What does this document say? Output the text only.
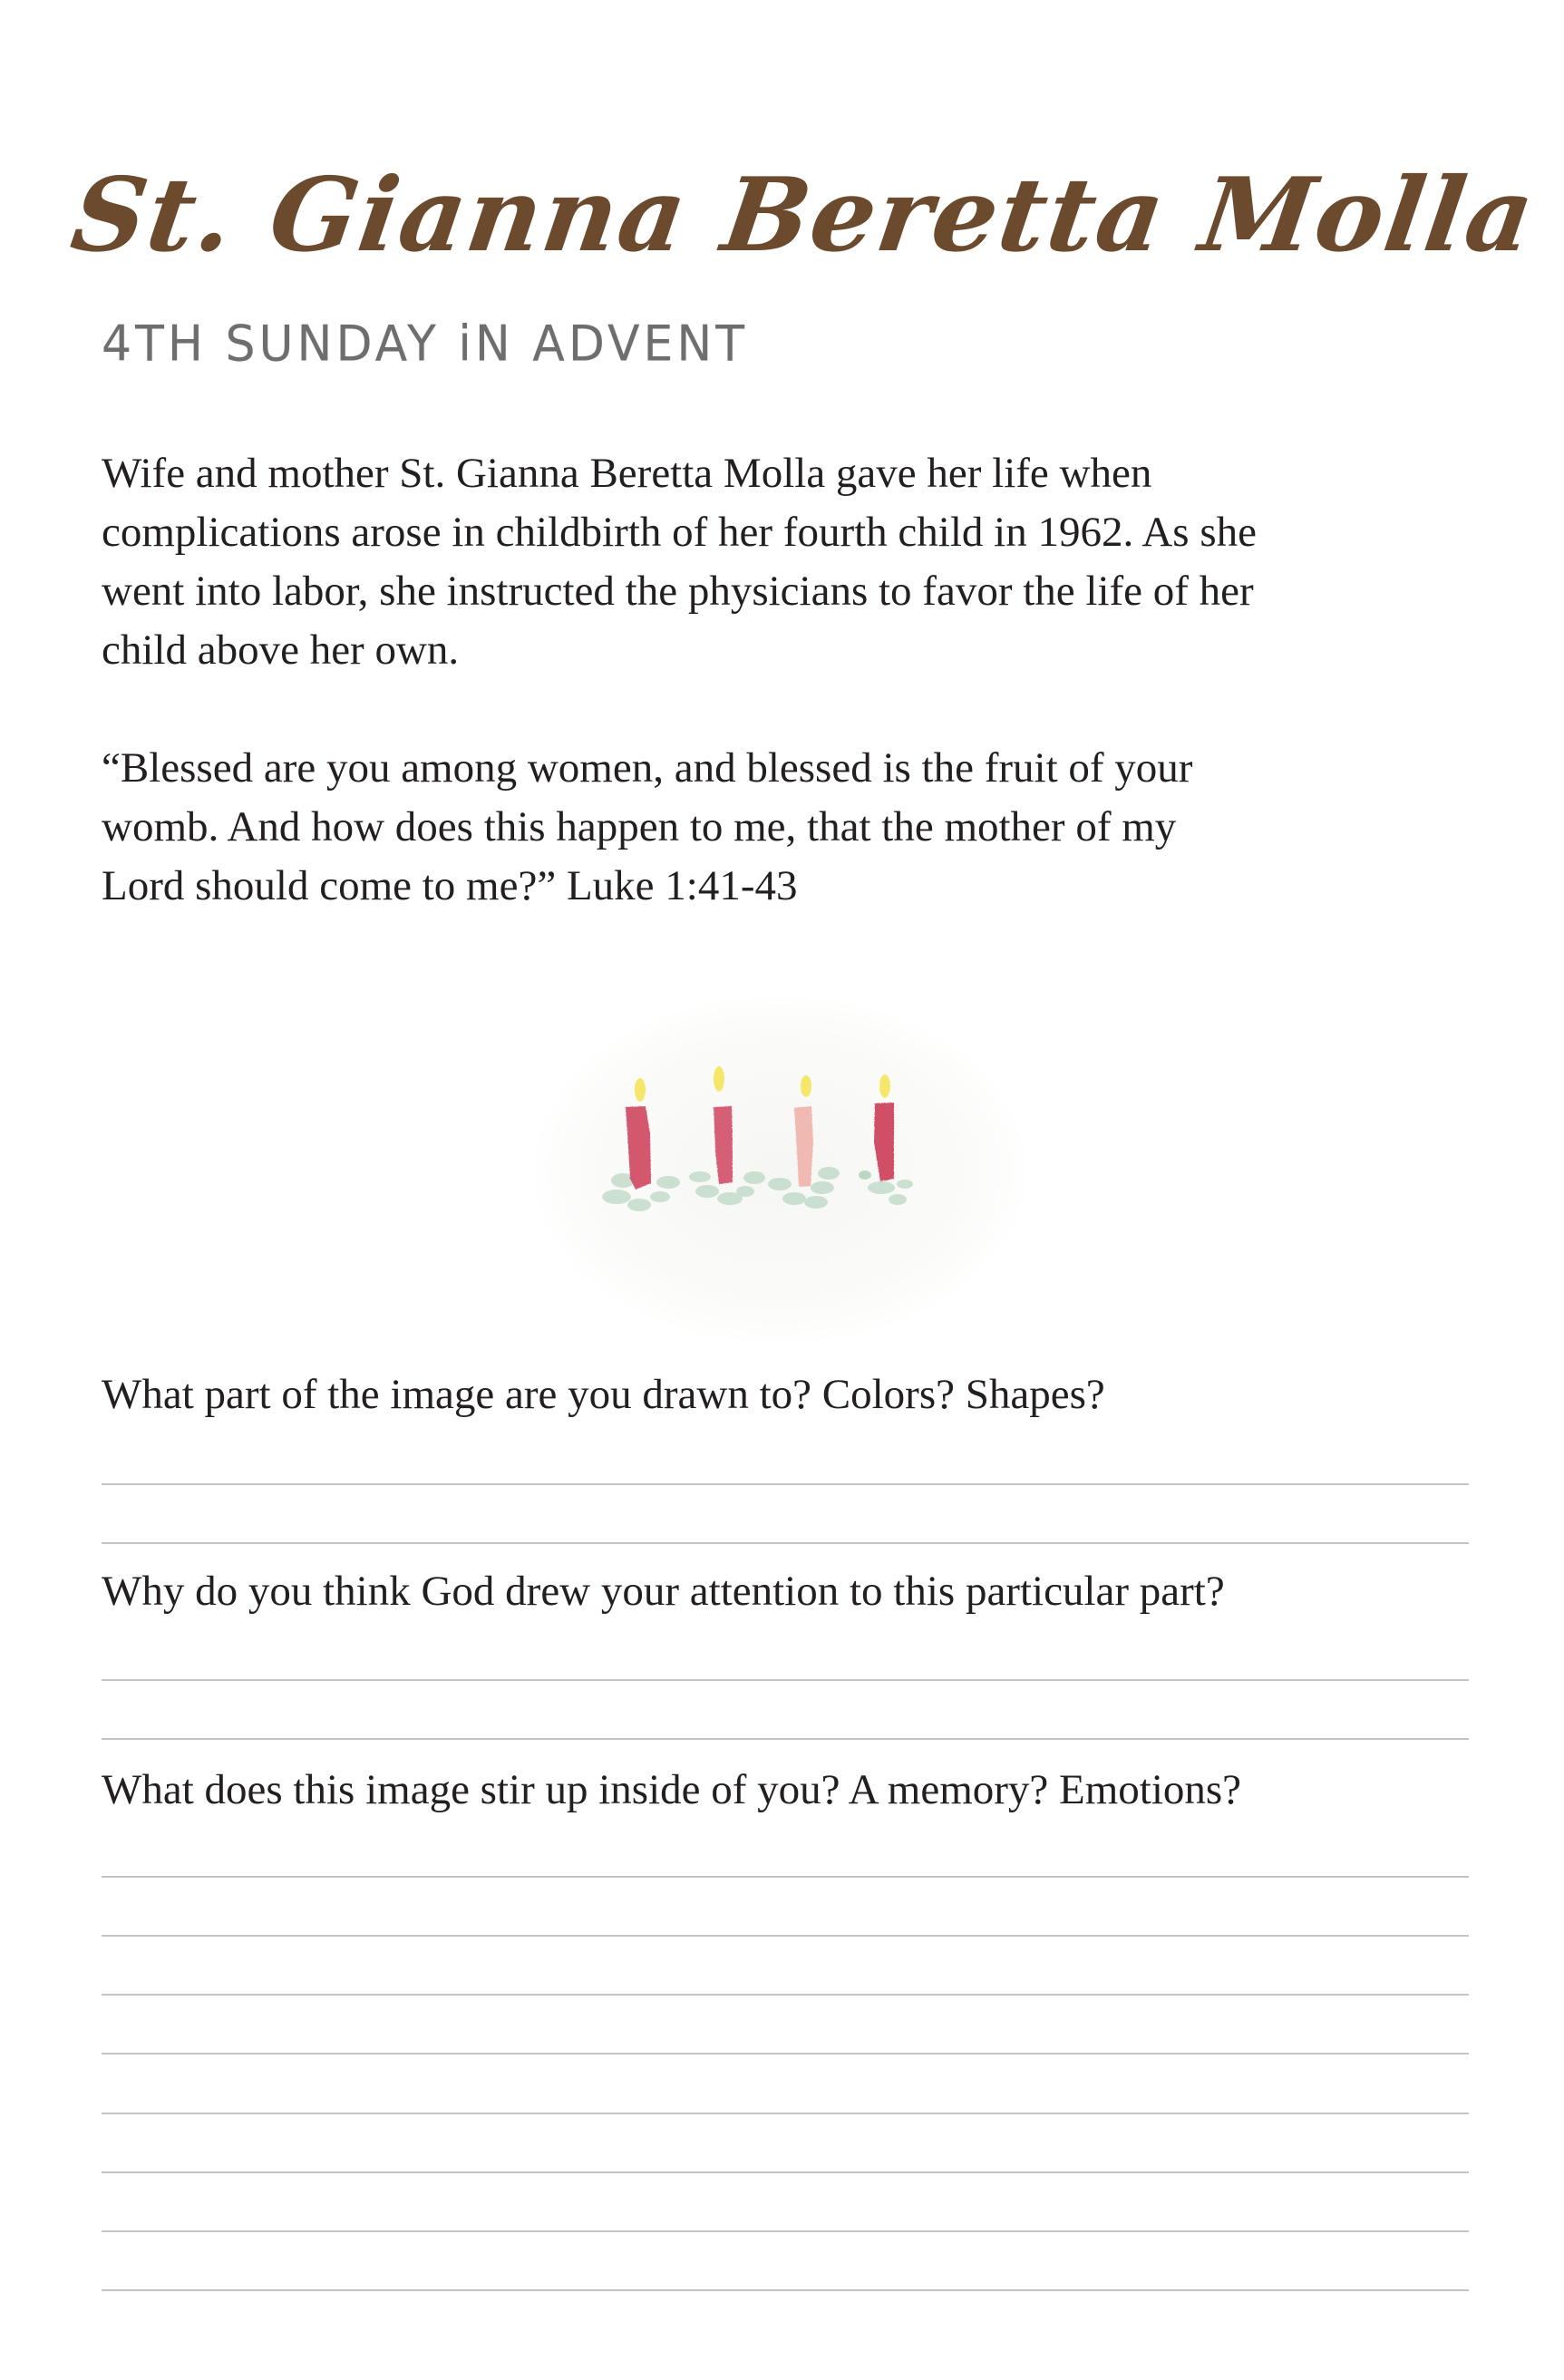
St. Gianna Beretta Molla
4TH SUNDAY iN ADVENT

Wife and mother St. Gianna Beretta Molla gave her life when
complications arose in childbirth of her fourth child in 1962. As she
went into labor, she instructed the physicians to favor the life of her
child above her own.

“Blessed are you among women, and blessed is the fruit of your
womb. And how does this happen to me, that the mother of my
Lord should come to me?” Luke 1:41-43

What part of the image are you drawn to? Colors? Shapes?
Why do you think God drew your attention to this particular part?
What does this image stir up inside of you? A memory? Emotions?
